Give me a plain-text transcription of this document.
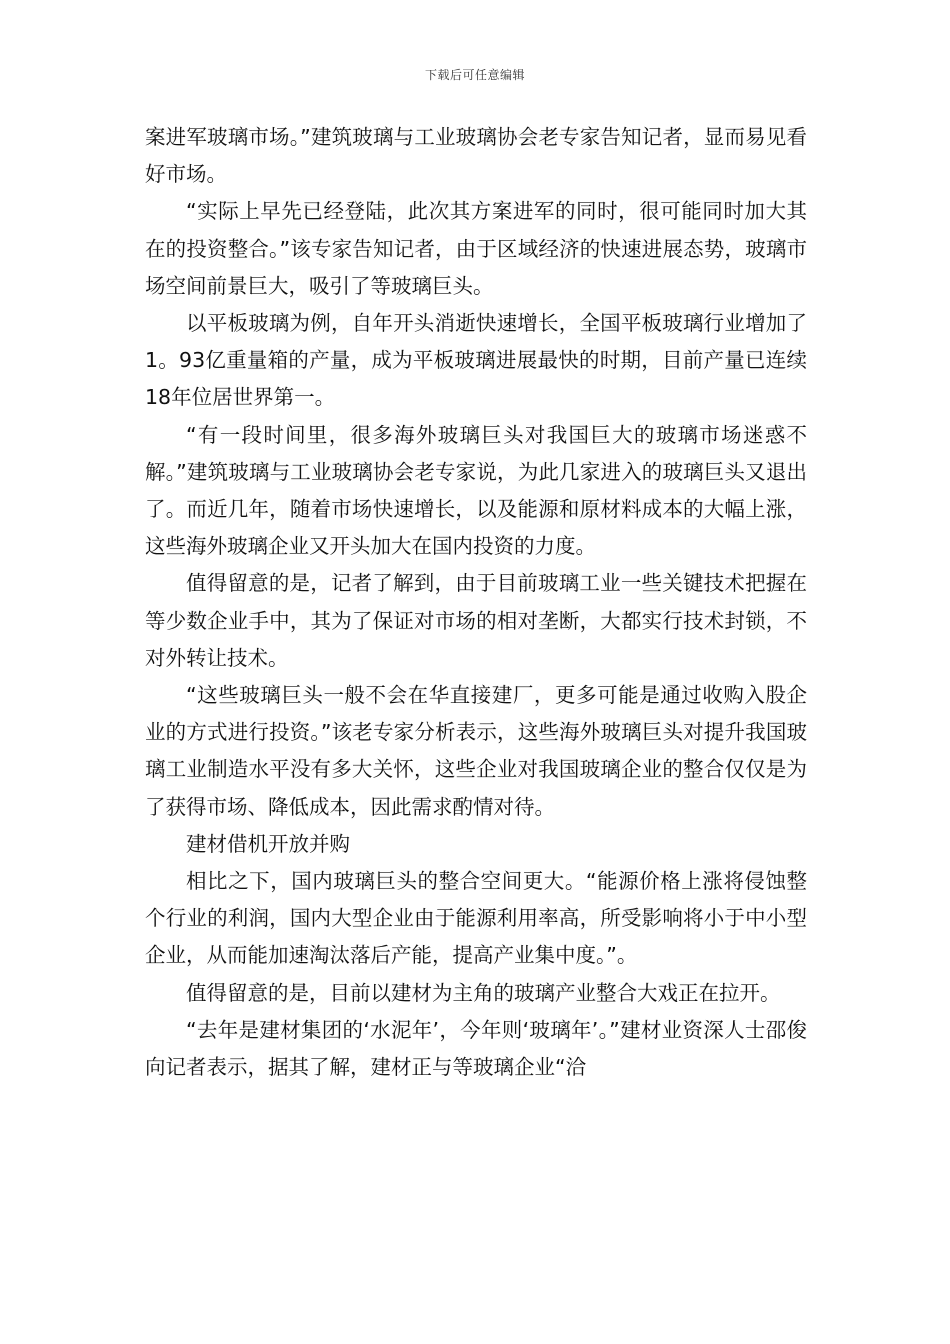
下载后可任意编辑

案进军玻璃市场。”建筑玻璃与工业玻璃协会老专家告知记者，显而易见看好市场。

“实际上早先已经登陆，此次其方案进军的同时，很可能同时加大其在的投资整合。”该专家告知记者，由于区域经济的快速进展态势，玻璃市场空间前景巨大，吸引了等玻璃巨头。

以平板玻璃为例，自年开头消逝快速增长，全国平板玻璃行业增加了1。93亿重量箱的产量，成为平板玻璃进展最快的时期，目前产量已连续18年位居世界第一。

“有一段时间里，很多海外玻璃巨头对我国巨大的玻璃市场迷惑不解。”建筑玻璃与工业玻璃协会老专家说，为此几家进入的玻璃巨头又退出了。而近几年，随着市场快速增长，以及能源和原材料成本的大幅上涨，这些海外玻璃企业又开头加大在国内投资的力度。

值得留意的是，记者了解到，由于目前玻璃工业一些关键技术把握在等少数企业手中，其为了保证对市场的相对垄断，大都实行技术封锁，不对外转让技术。

“这些玻璃巨头一般不会在华直接建厂，更多可能是通过收购入股企业的方式进行投资。”该老专家分析表示，这些海外玻璃巨头对提升我国玻璃工业制造水平没有多大关怀，这些企业对我国玻璃企业的整合仅仅是为了获得市场、降低成本，因此需求酌情对待。

建材借机开放并购

相比之下，国内玻璃巨头的整合空间更大。“能源价格上涨将侵蚀整个行业的利润，国内大型企业由于能源利用率高，所受影响将小于中小型企业，从而能加速淘汰落后产能，提高产业集中度。”。

值得留意的是，目前以建材为主角的玻璃产业整合大戏正在拉开。

“去年是建材集团的‘水泥年’，今年则‘玻璃年’。”建材业资深人士邵俊向记者表示，据其了解，建材正与等玻璃企业“洽
